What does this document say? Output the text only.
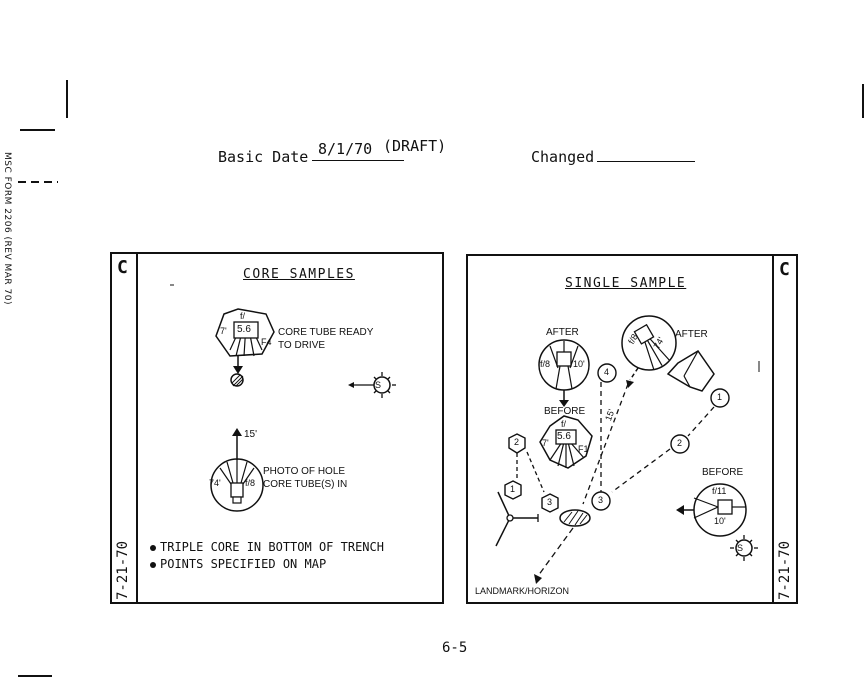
MSC FORM 2206 (REV MAR 70)	Basic Date 8/1/70 (DRAFT)
Changed
C
7-21-70
CORE SAMPLES
f/
5.6
7'
F4
CORE TUBE READY
TO DRIVE
S
15'
74'	f/8
PHOTO OF HOLE
CORE TUBE(S) IN
TRIPLE CORE IN BOTTOM OF TRENCH
POINTS SPECIFIED ON MAP
C
7-21-70
SINGLE SAMPLE
AFTER
f/8	10'
AFTER
f/8 74'
BEFORE
f/
5.6
7'
F1
BEFORE
f/11
10'
15'
S
1
2
3
2
1
3
4
LANDMARK/HORIZON
6-5
